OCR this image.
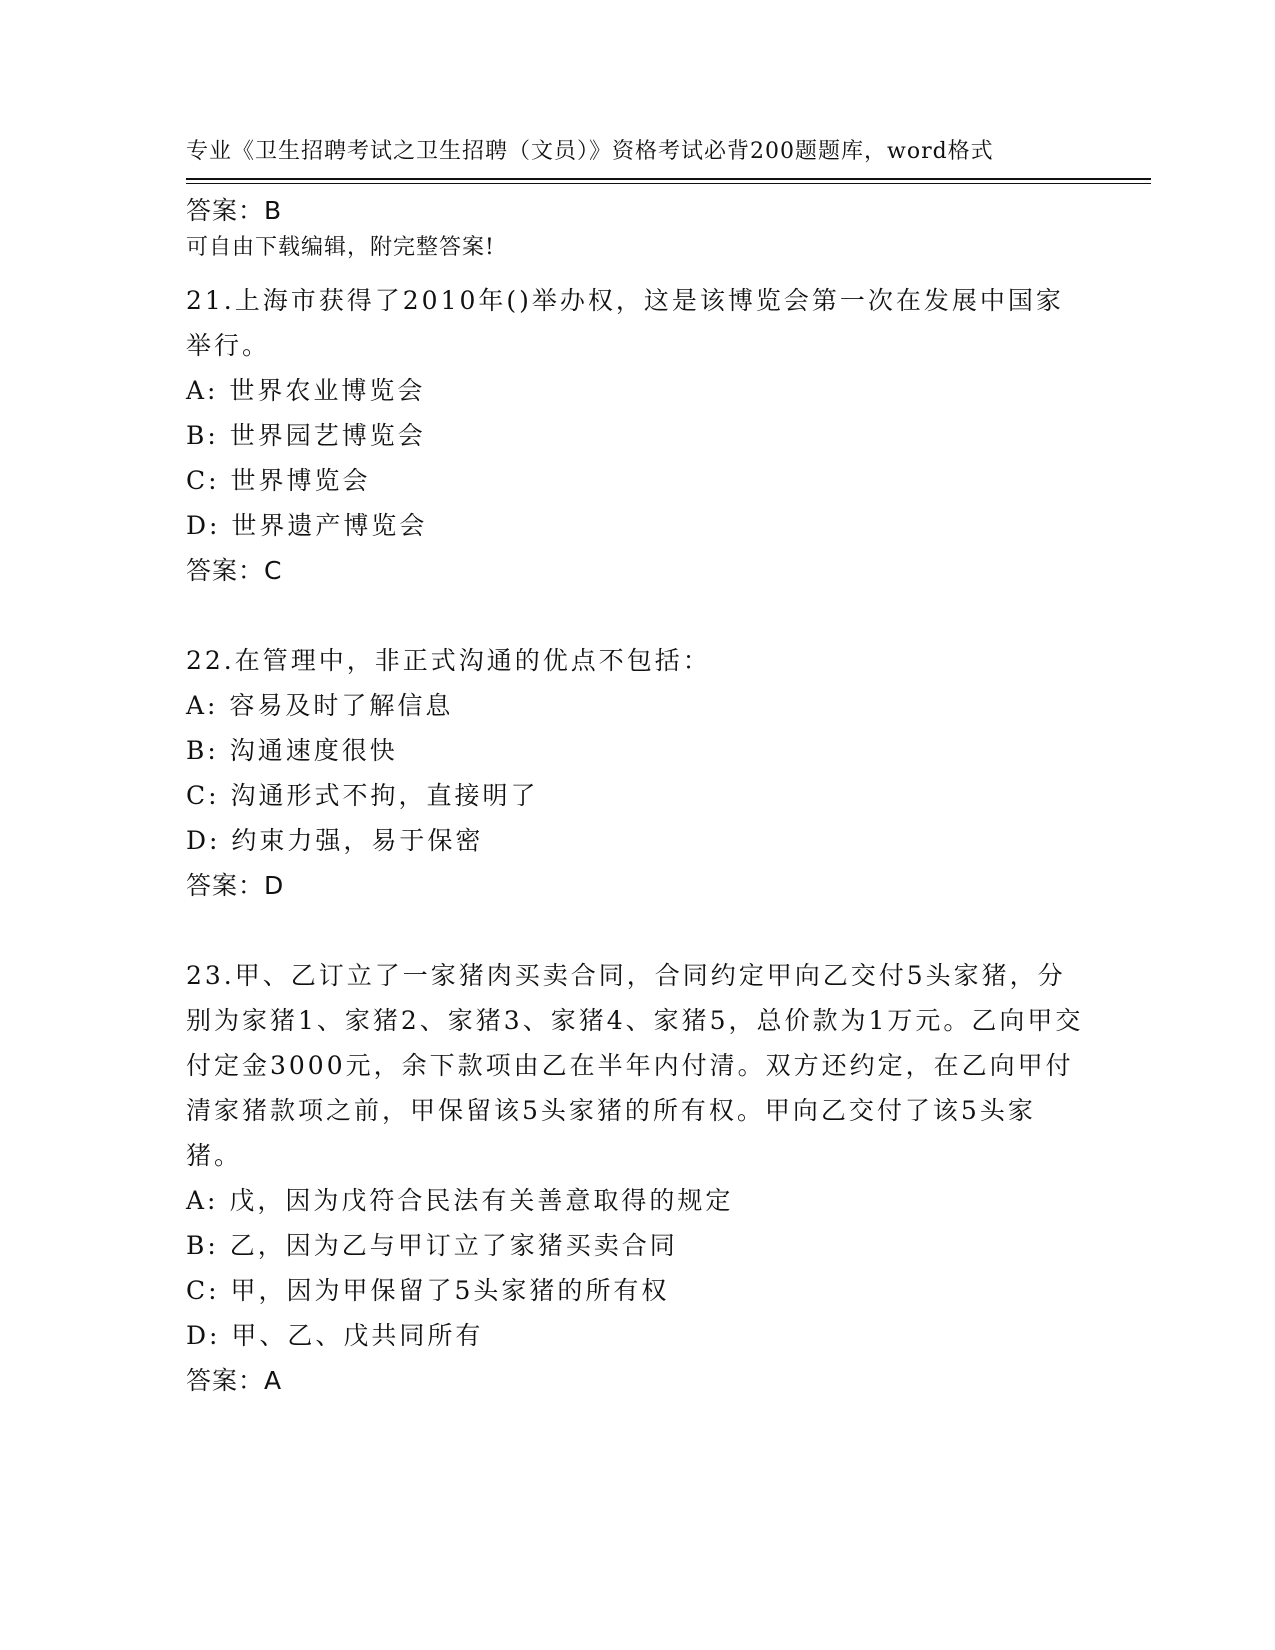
专业《卫生招聘考试之卫生招聘（文员）》资格考试必背200题题库，word格式

可自由下载编辑，附完整答案!

答案：B
21.上海市获得了2010年()举办权，这是该博览会第一次在发展中国家举行。
A: 世界农业博览会
B: 世界园艺博览会
C: 世界博览会
D: 世界遗产博览会
答案：C
22.在管理中，非正式沟通的优点不包括：
A: 容易及时了解信息
B: 沟通速度很快
C: 沟通形式不拘，直接明了
D: 约束力强，易于保密
答案：D
23.甲、乙订立了一家猪肉买卖合同，合同约定甲向乙交付5头家猪，分别为家猪1、家猪2、家猪3、家猪4、家猪5，总价款为1万元。乙向甲交付定金3000元，余下款项由乙在半年内付清。双方还约定，在乙向甲付清家猪款项之前，甲保留该5头家猪的所有权。甲向乙交付了该5头家猪。
A: 戊，因为戊符合民法有关善意取得的规定
B: 乙，因为乙与甲订立了家猪买卖合同
C: 甲，因为甲保留了5头家猪的所有权
D: 甲、乙、戊共同所有
答案：A
